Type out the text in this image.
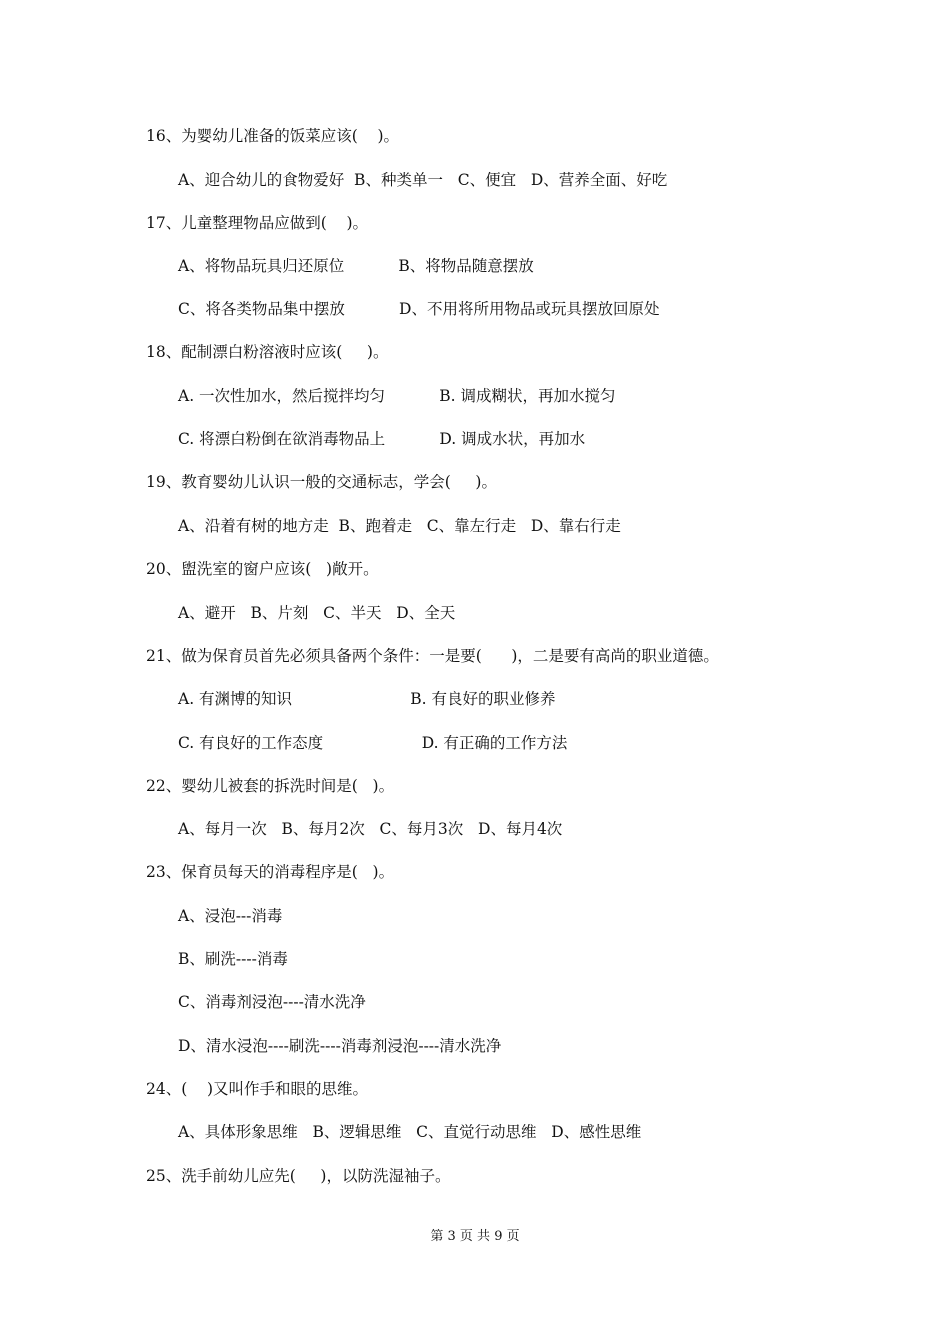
16、为婴幼儿准备的饭菜应该(    )。
A、迎合幼儿的食物爱好  B、种类单一   C、便宜   D、营养全面、好吃
17、儿童整理物品应做到(    )。
A、将物品玩具归还原位           B、将物品随意摆放
C、将各类物品集中摆放           D、不用将所用物品或玩具摆放回原处
18、配制漂白粉溶液时应该(     )。
A. 一次性加水，然后搅拌均匀           B. 调成糊状，再加水搅匀
C. 将漂白粉倒在欲消毒物品上           D. 调成水状，再加水
19、教育婴幼儿认识一般的交通标志，学会(     )。
A、沿着有树的地方走  B、跑着走   C、靠左行走   D、靠右行走
20、盥洗室的窗户应该(   )敞开。
A、避开   B、片刻   C、半天   D、全天
21、做为保育员首先必须具备两个条件：一是要(      )，二是要有高尚的职业道德。
A. 有渊博的知识                        B. 有良好的职业修养
C. 有良好的工作态度                    D. 有正确的工作方法
22、婴幼儿被套的拆洗时间是(   )。
A、每月一次   B、每月2次   C、每月3次   D、每月4次
23、保育员每天的消毒程序是(   )。
A、浸泡---消毒
B、刷洗----消毒
C、消毒剂浸泡----清水洗净
D、清水浸泡----刷洗----消毒剂浸泡----清水洗净
24、(    )又叫作手和眼的思维。
A、具体形象思维   B、逻辑思维   C、直觉行动思维   D、感性思维
25、洗手前幼儿应先(     )，以防洗湿袖子。
第 3 页 共 9 页
